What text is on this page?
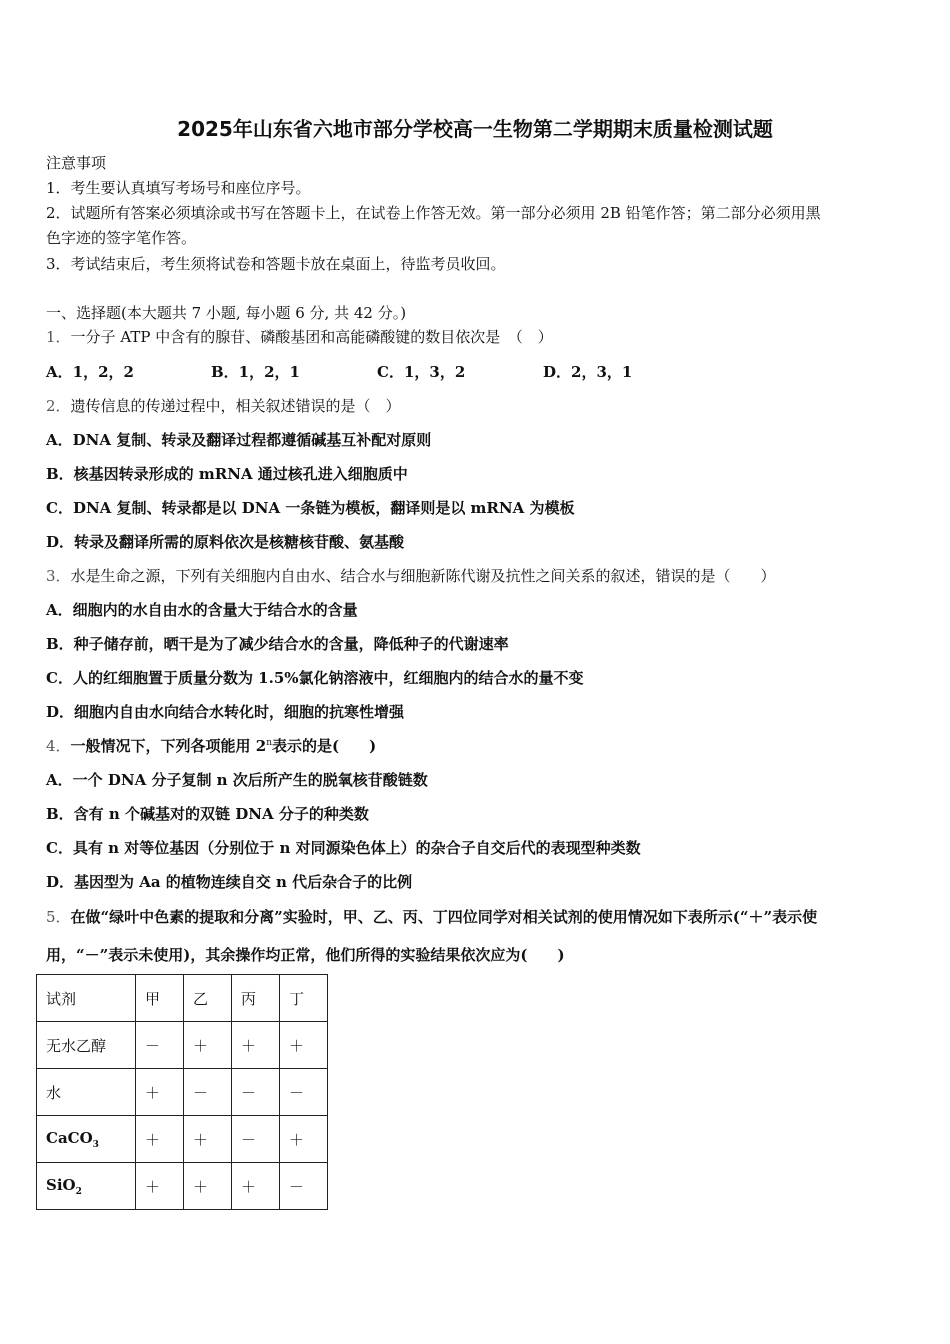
2025年山东省六地市部分学校高一生物第二学期期末质量检测试题
注意事项
1．考生要认真填写考场号和座位序号。
2．试题所有答案必须填涂或书写在答题卡上，在试卷上作答无效。第一部分必须用 2B 铅笔作答；第二部分必须用黑
色字迹的签字笔作答。
3．考试结束后，考生须将试卷和答题卡放在桌面上，待监考员收回。
一、选择题(本大题共 7 小题, 每小题 6 分, 共 42 分。)
1．一分子 ATP 中含有的腺苷、磷酸基团和高能磷酸键的数目依次是　（　）
A．1，2，2	B．1，2，1	C．1，3，2	D．2，3，1
2．遗传信息的传递过程中，相关叙述错误的是（　）
A．DNA 复制、转录及翻译过程都遵循碱基互补配对原则
B．核基因转录形成的 mRNA 通过核孔进入细胞质中
C．DNA 复制、转录都是以 DNA 一条链为模板，翻译则是以 mRNA 为模板
D．转录及翻译所需的原料依次是核糖核苷酸、氨基酸
3．水是生命之源，下列有关细胞内自由水、结合水与细胞新陈代谢及抗性之间关系的叙述，错误的是（　　）
A．细胞内的水自由水的含量大于结合水的含量
B．种子储存前，晒干是为了减少结合水的含量，降低种子的代谢速率
C．人的红细胞置于质量分数为 1.5%氯化钠溶液中，红细胞内的结合水的量不变
D．细胞内自由水向结合水转化时，细胞的抗寒性增强
4．一般情况下，下列各项能用 2$^n$表示的是(　　)
A．一个 DNA 分子复制 n 次后所产生的脱氧核苷酸链数
B．含有 n 个碱基对的双链 DNA 分子的种类数
C．具有 n 对等位基因（分别位于 n 对同源染色体上）的杂合子自交后代的表现型种类数
D．基因型为 Aa 的植物连续自交 n 代后杂合子的比例
5．在做“绿叶中色素的提取和分离”实验时，甲、乙、丙、丁四位同学对相关试剂的使用情况如下表所示(“＋”表示使
用，“－”表示未使用)，其余操作均正常，他们所得的实验结果依次应为(　　)
试剂	甲	乙	丙	丁
无水乙醇	－	＋	＋	＋
水	＋	－	－	－
CaCO$_3$	＋	＋	－	＋
SiO$_2$	＋	＋	＋	－
